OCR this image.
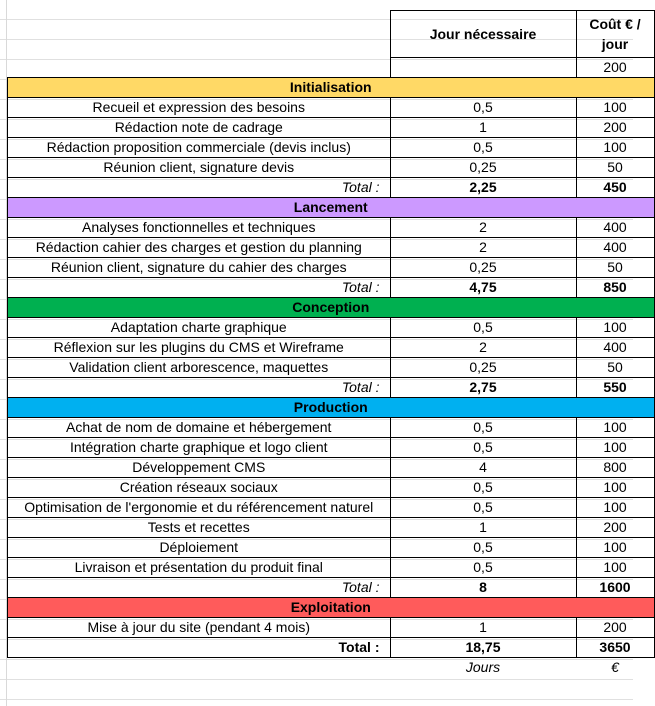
	Jour nécessaire	Coût € / jour
		200
Initialisation		
Recueil et expression des besoins	0,5	100
Rédaction note de cadrage	1	200
Rédaction proposition commerciale (devis inclus)	0,5	100
Réunion client, signature devis	0,25	50
Total :	2,25	450
Lancement		
Analyses fonctionnelles et techniques	2	400
Rédaction cahier des charges et gestion du planning	2	400
Réunion client, signature du cahier des charges	0,25	50
Total :	4,75	850
Conception		
Adaptation charte graphique	0,5	100
Réflexion sur les plugins du CMS et Wireframe	2	400
Validation client arborescence, maquettes	0,25	50
Total :	2,75	550
Production		
Achat de nom de domaine et hébergement	0,5	100
Intégration charte graphique et logo client	0,5	100
Développement CMS	4	800
Création réseaux sociaux	0,5	100
Optimisation de l'ergonomie et du référencement naturel	0,5	100
Tests et recettes	1	200
Déploiement	0,5	100
Livraison et présentation du produit final	0,5	100
Total :	8	1600
Exploitation		
Mise à jour du site (pendant 4 mois)	1	200
Total :	18,75	3650
	Jours	€
